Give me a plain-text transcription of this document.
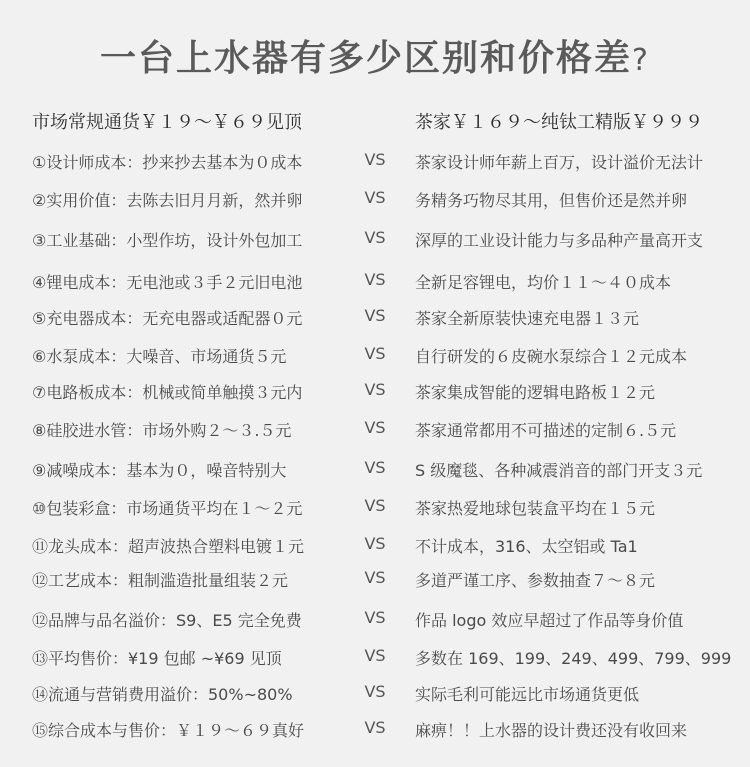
一台上水器有多少区别和价格差?
市场常规通货￥１９～￥６９见顶	茶家￥１６９～纯钛工精版￥９９９
①设计师成本：抄来抄去基本为０成本	VS 茶家设计师年薪上百万，设计溢价无法计
②实用价值：去陈去旧月月新，然并卵	VS 务精务巧物尽其用，但售价还是然并卵
③工业基础：小型作坊，设计外包加工	VS 深厚的工业设计能力与多品种产量高开支
④锂电成本：无电池或３手２元旧电池	VS 全新足容锂电，均价１１～４０成本
⑤充电器成本：无充电器或适配器０元	VS 茶家全新原装快速充电器１３元
⑥水泵成本：大噪音、市场通货５元	VS 自行研发的６皮碗水泵综合１２元成本
⑦电路板成本：机械或简单触摸３元内	VS 茶家集成智能的逻辑电路板１２元
⑧硅胶进水管：市场外购２～３.５元	VS 茶家通常都用不可描述的定制６.５元
⑨减噪成本：基本为０，噪音特别大	VS S 级魔毯、各种减震消音的部门开支３元
⑩包装彩盒：市场通货平均在１～２元	VS 茶家热爱地球包装盒平均在１５元
⑪龙头成本：超声波热合塑料电镀１元	VS 不计成本，316、太空铝或 Ta1
⑫工艺成本：粗制滥造批量组装２元	VS 多道严谨工序、参数抽查７～８元
⑫品牌与品名溢价：S9、E5 完全免费	VS 作品 logo 效应早超过了作品等身价值
⑬平均售价：¥19 包邮 ~¥69 见顶	VS 多数在 169、199、249、499、799、999
⑭流通与营销费用溢价：50%~80%	VS 实际毛利可能远比市场通货更低
⑮综合成本与售价：￥１９～６９真好	VS 麻痹！！上水器的设计费还没有收回来
